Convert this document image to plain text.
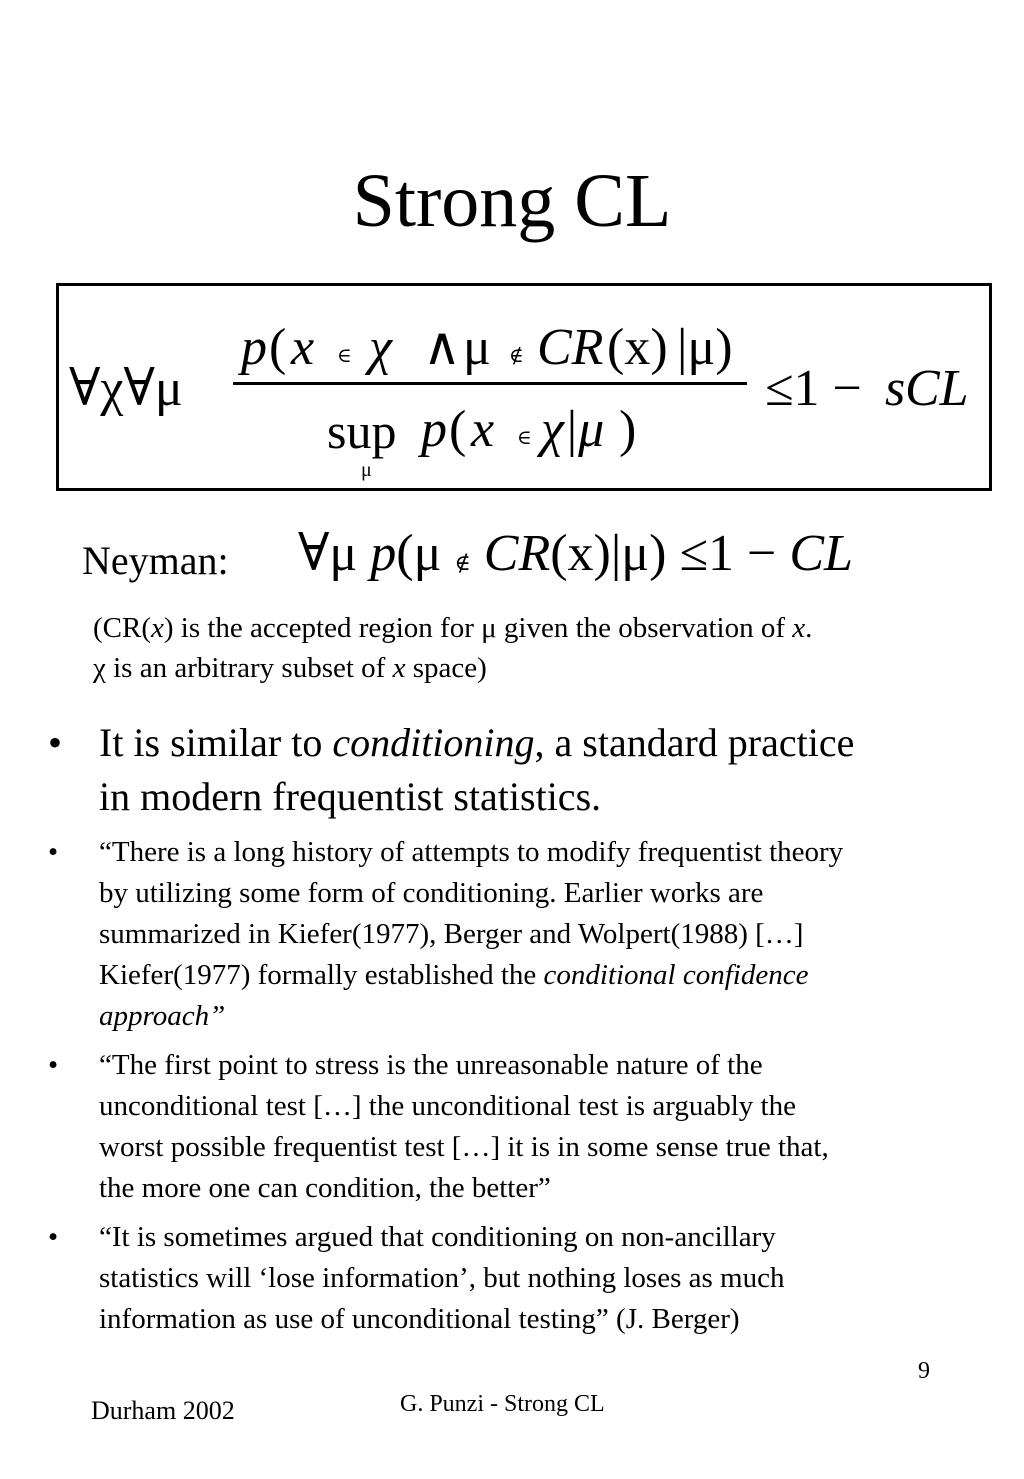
Strong CL
∀χ∀μ
p ( x ∈ χ ∧ μ ∉ CR (x) |μ)
sup p ( x ∈ χ|μ )
μ
≤1 − s CL
Neyman: ∀μ p(μ ∉ CR(x)|μ) ≤1 − CL
(CR(x) is the accepted region for μ given the observation of x.
χ is an arbitrary subset of x space)
• It is similar to conditioning, a standard practice
in modern frequentist statistics.
• “There is a long history of attempts to modify frequentist theory
by utilizing some form of conditioning. Earlier works are
summarized in Kiefer(1977), Berger and Wolpert(1988) […]
Kiefer(1977) formally established the conditional confidence
approach”
• “The first point to stress is the unreasonable nature of the
unconditional test […] the unconditional test is arguably the
worst possible frequentist test […] it is in some sense true that,
the more one can condition, the better”
• “It is sometimes argued that conditioning on non-ancillary
statistics will ‘lose information’, but nothing loses as much
information as use of unconditional testing” (J. Berger)
9
Durham 2002	G. Punzi - Strong CL
